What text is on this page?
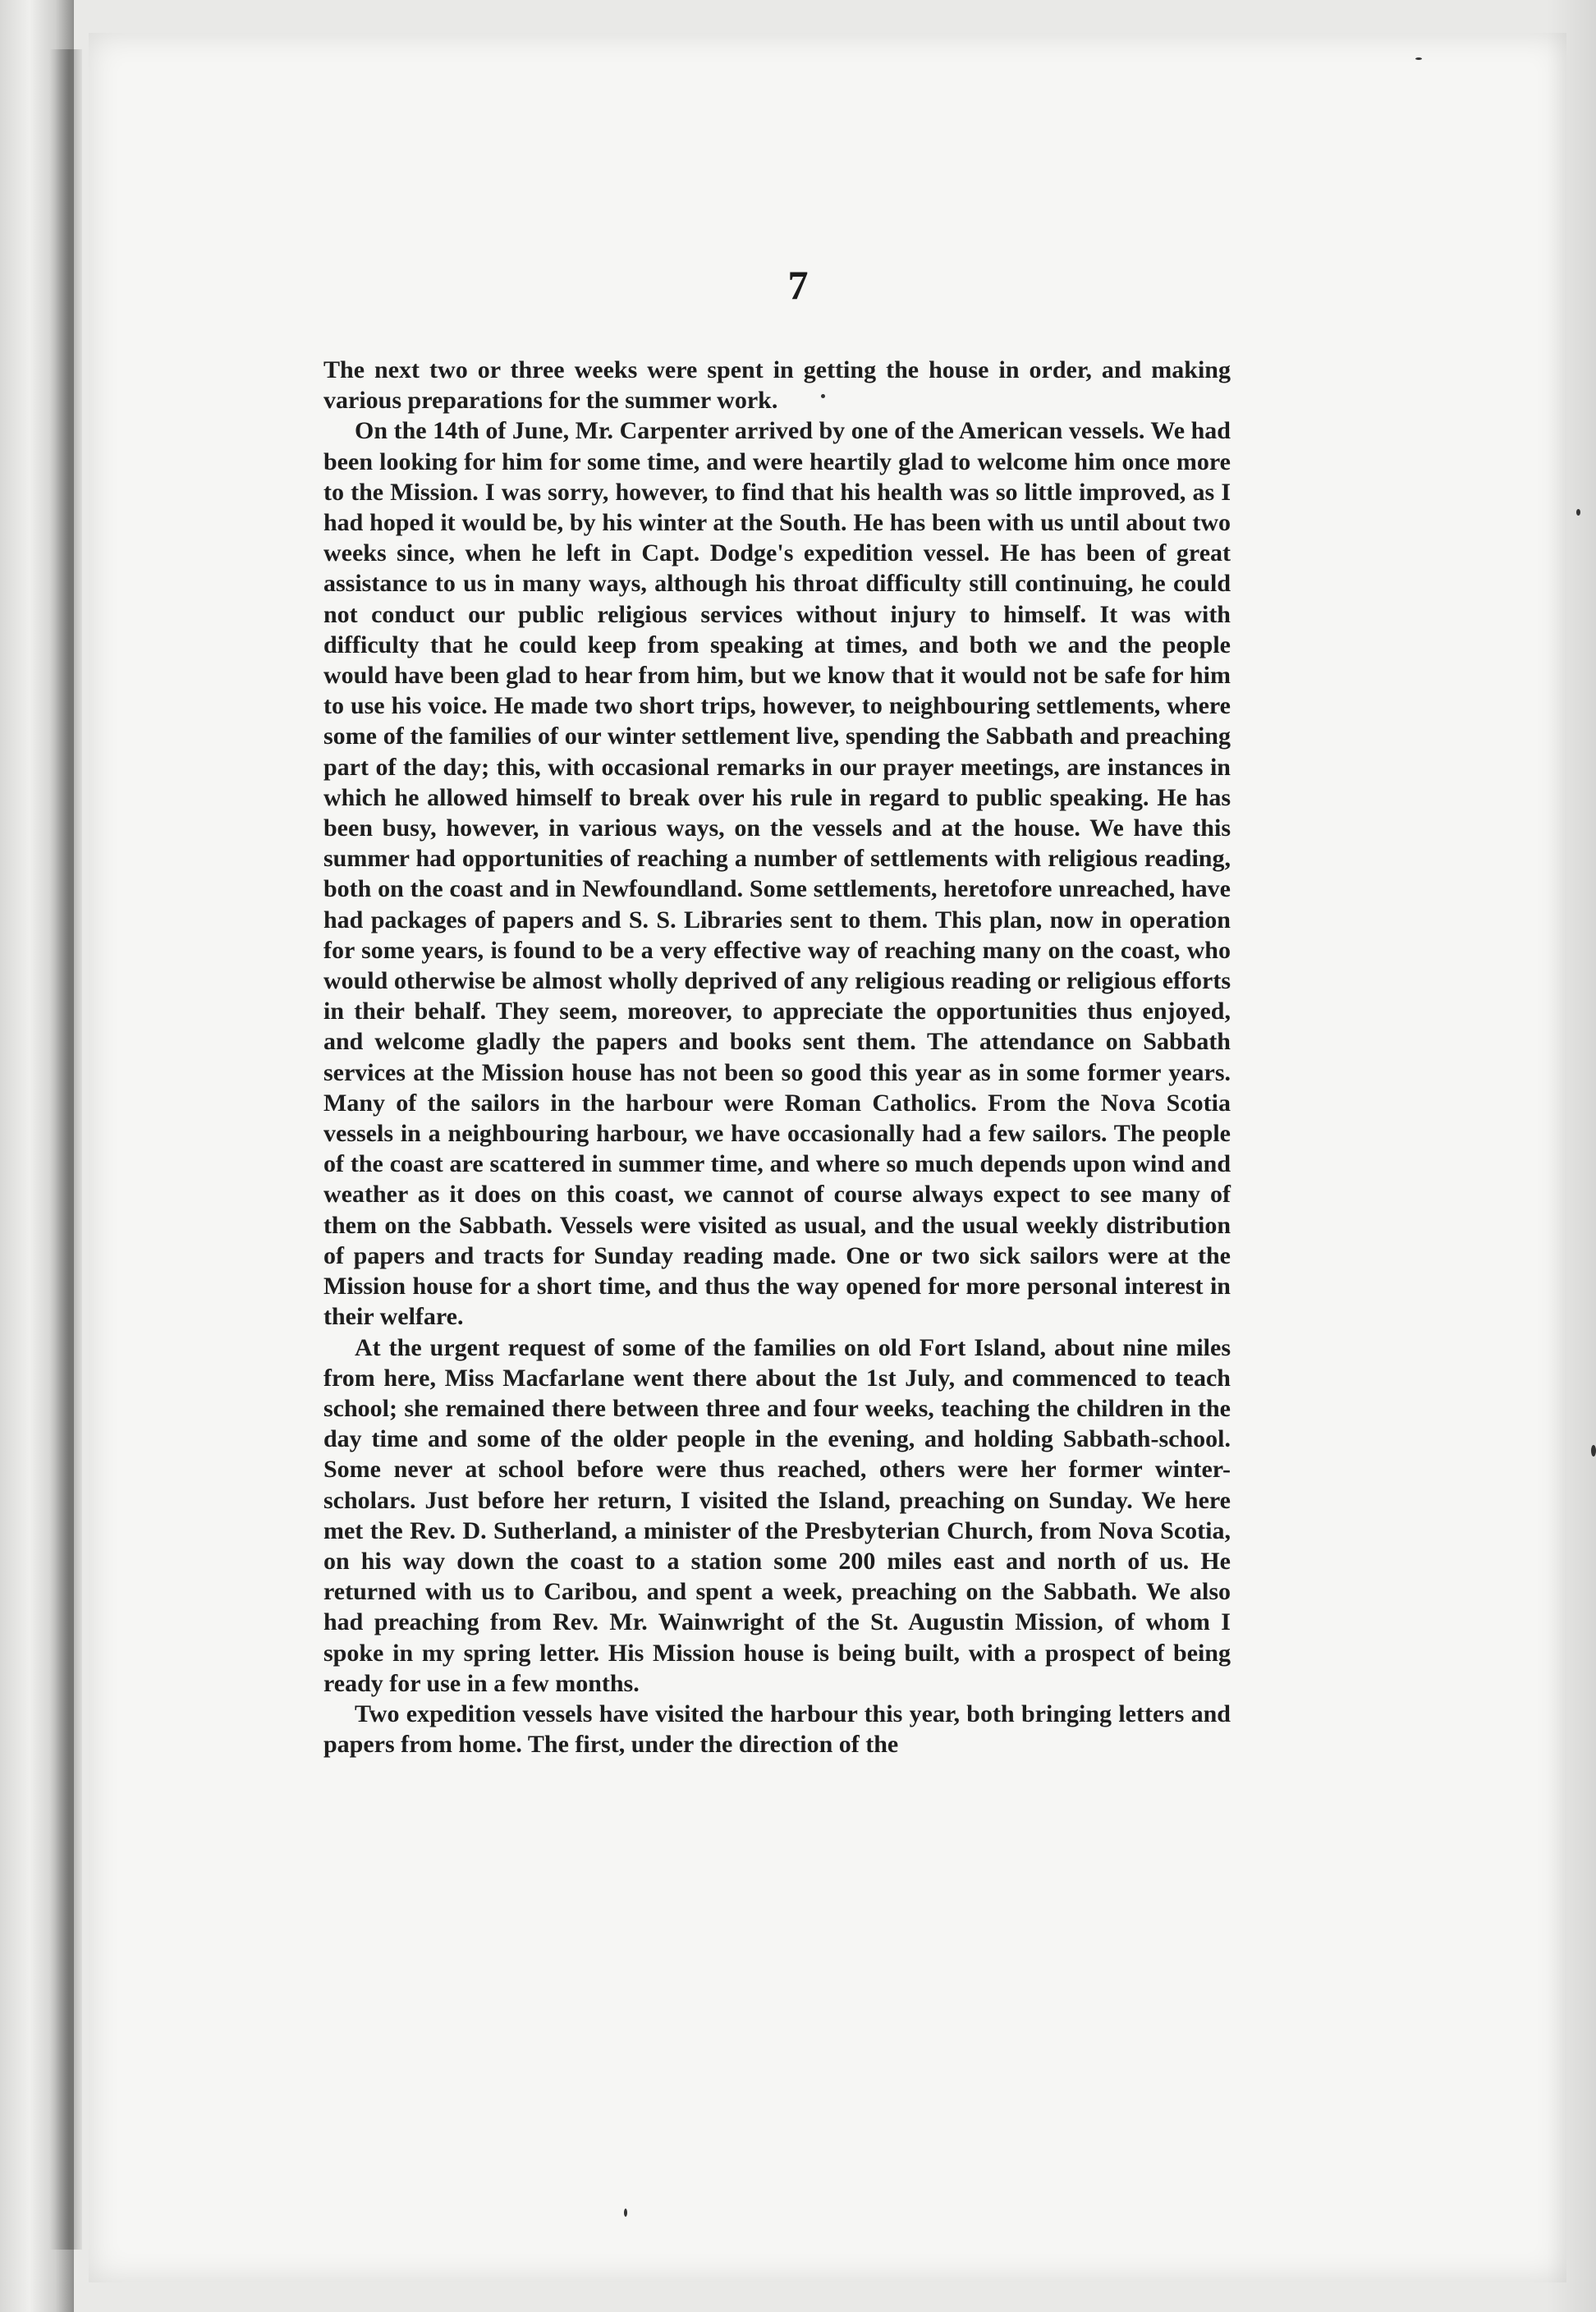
7

The next two or three weeks were spent in getting the house in order, and making various preparations for the summer work.

On the 14th of June, Mr. Carpenter arrived by one of the American vessels. We had been looking for him for some time, and were heartily glad to welcome him once more to the Mission. I was sorry, however, to find that his health was so little improved, as I had hoped it would be, by his winter at the South. He has been with us until about two weeks since, when he left in Capt. Dodge's expedition vessel. He has been of great assistance to us in many ways, although his throat difficulty still continuing, he could not conduct our public religious services without injury to himself. It was with difficulty that he could keep from speaking at times, and both we and the people would have been glad to hear from him, but we know that it would not be safe for him to use his voice. He made two short trips, however, to neighbouring settlements, where some of the families of our winter settlement live, spending the Sabbath and preaching part of the day; this, with occasional remarks in our prayer meetings, are instances in which he allowed himself to break over his rule in regard to public speaking. He has been busy, however, in various ways, on the vessels and at the house. We have this summer had opportunities of reaching a number of settlements with religious reading, both on the coast and in Newfoundland. Some settlements, heretofore unreached, have had packages of papers and S. S. Libraries sent to them. This plan, now in operation for some years, is found to be a very effective way of reaching many on the coast, who would otherwise be almost wholly deprived of any religious reading or religious efforts in their behalf. They seem, moreover, to appreciate the opportunities thus enjoyed, and welcome gladly the papers and books sent them. The attendance on Sabbath services at the Mission house has not been so good this year as in some former years. Many of the sailors in the harbour were Roman Catholics. From the Nova Scotia vessels in a neighbouring harbour, we have occasionally had a few sailors. The people of the coast are scattered in summer time, and where so much depends upon wind and weather as it does on this coast, we cannot of course always expect to see many of them on the Sabbath. Vessels were visited as usual, and the usual weekly distribution of papers and tracts for Sunday reading made. One or two sick sailors were at the Mission house for a short time, and thus the way opened for more personal interest in their welfare.

At the urgent request of some of the families on old Fort Island, about nine miles from here, Miss Macfarlane went there about the 1st July, and commenced to teach school; she remained there between three and four weeks, teaching the children in the day time and some of the older people in the evening, and holding Sabbath-school. Some never at school before were thus reached, others were her former winter-scholars. Just before her return, I visited the Island, preaching on Sunday. We here met the Rev. D. Sutherland, a minister of the Presbyterian Church, from Nova Scotia, on his way down the coast to a station some 200 miles east and north of us. He returned with us to Caribou, and spent a week, preaching on the Sabbath. We also had preaching from Rev. Mr. Wainwright of the St. Augustin Mission, of whom I spoke in my spring letter. His Mission house is being built, with a prospect of being ready for use in a few months.

Two expedition vessels have visited the harbour this year, both bringing letters and papers from home. The first, under the direction of the
